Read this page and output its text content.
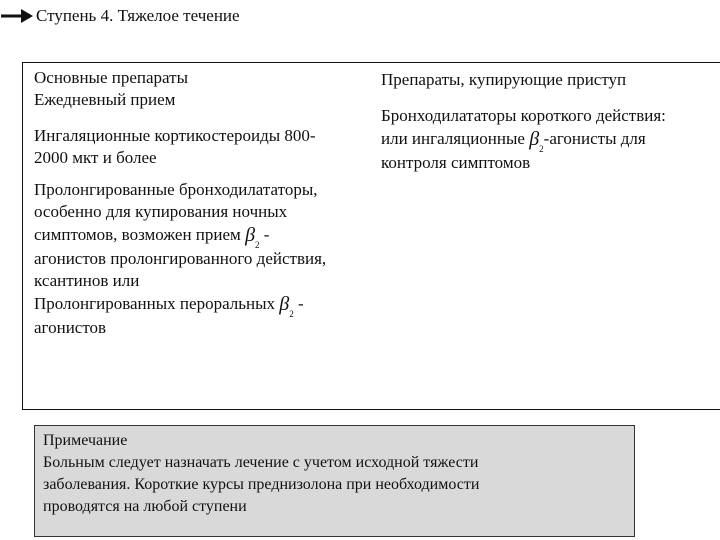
Ступень 4. Тяжелое течение
Основные препараты
Ежедневный прием
Ингаляционные кортикостероиды 800-
2000 мкт и более
Пролонгированные бронходилататоры,
особенно для купирования ночных
симптомов, возможен прием $\beta_2$ -
агонистов пролонгированного действия,
ксантинов или
Пролонгированных пероральных $\beta_2$ -
агонистов
Препараты, купирующие приступ
Бронходилататоры короткого действия:
или ингаляционные $\beta_2$-агонисты для
контроля симптомов
Примечание
Больным следует назначать лечение с учетом исходной тяжести
заболевания. Короткие курсы преднизолона при необходимости
проводятся на любой ступени
